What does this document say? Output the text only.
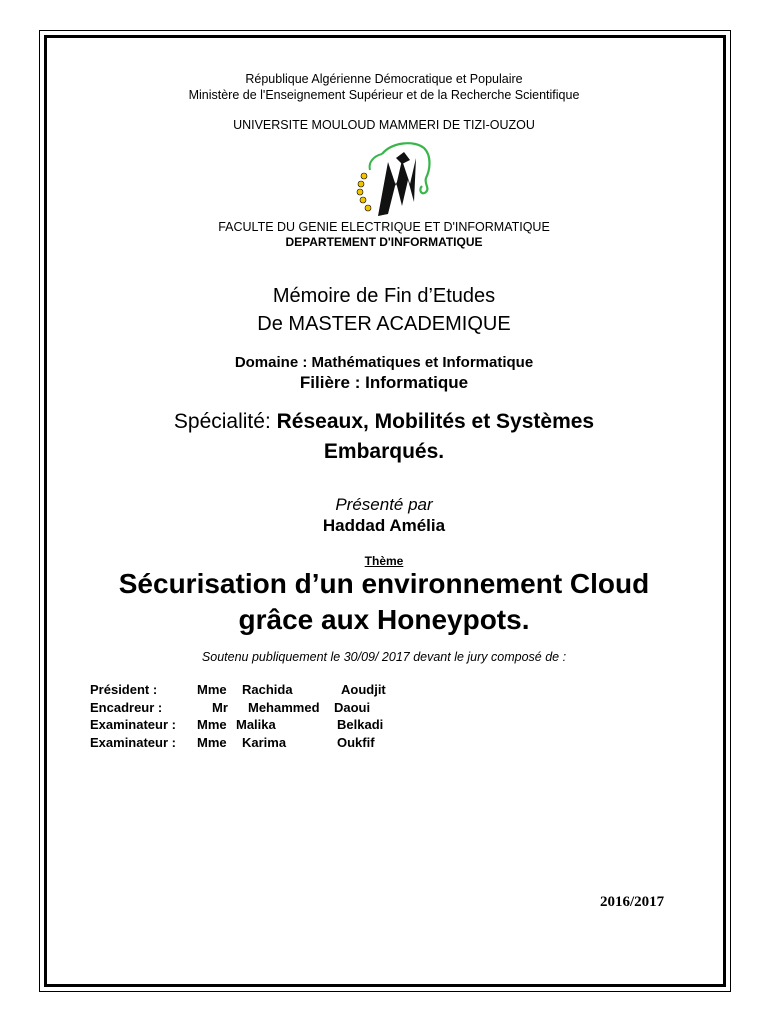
République Algérienne Démocratique et Populaire
Ministère de l'Enseignement Supérieur et de la Recherche Scientifique
UNIVERSITE MOULOUD MAMMERI DE TIZI-OUZOU
FACULTE DU GENIE ELECTRIQUE ET D'INFORMATIQUE
DEPARTEMENT D'INFORMATIQUE
Mémoire de Fin d’Etudes
De MASTER ACADEMIQUE
Domaine : Mathématiques et Informatique
Filière : Informatique
Spécialité: Réseaux, Mobilités et Systèmes
Embarqués.
Présenté par
Haddad Amélia
Thème
Sécurisation d’un environnement Cloud
grâce aux Honeypots.
Soutenu publiquement le 30/09/ 2017 devant le jury composé de :
Président :	Mme Rachida	Aoudjit
Encadreur :	Mr Mehammed Daoui
Examinateur : Mme Malika	Belkadi
Examinateur : Mme Karima	Oukfif
2016/2017
